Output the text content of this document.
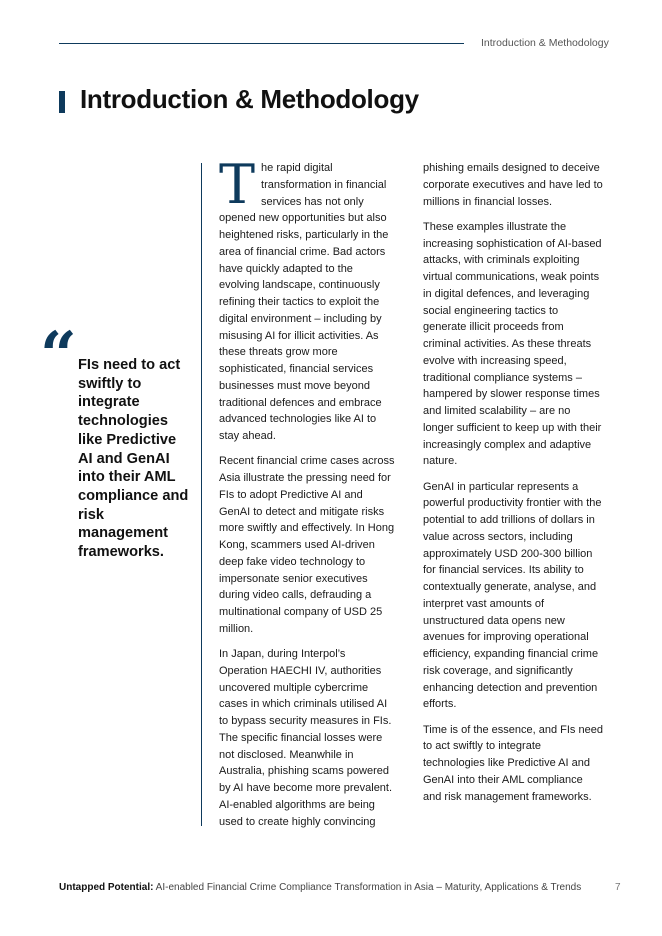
Introduction & Methodology
Introduction & Methodology
“ FIs need to act swiftly to integrate technologies like Predictive AI and GenAI into their AML compliance and risk management frameworks.

The rapid digital transformation in financial services has not only opened new opportunities but also heightened risks, particularly in the area of financial crime. Bad actors have quickly adapted to the evolving landscape, continuously refining their tactics to exploit the digital environment – including by misusing AI for illicit activities. As these threats grow more sophisticated, financial services businesses must move beyond traditional defences and embrace advanced technologies like AI to stay ahead.

Recent financial crime cases across Asia illustrate the pressing need for FIs to adopt Predictive AI and GenAI to detect and mitigate risks more swiftly and effectively. In Hong Kong, scammers used AI-driven deep fake video technology to impersonate senior executives during video calls, defrauding a multinational company of USD 25 million.

In Japan, during Interpol’s Operation HAECHI IV, authorities uncovered multiple cybercrime cases in which criminals utilised AI to bypass security measures in FIs. The specific financial losses were not disclosed. Meanwhile in Australia, phishing scams powered by AI have become more prevalent. AI-enabled algorithms are being used to create highly convincing

phishing emails designed to deceive corporate executives and have led to millions in financial losses.

These examples illustrate the increasing sophistication of AI-based attacks, with criminals exploiting virtual communications, weak points in digital defences, and leveraging social engineering tactics to generate illicit proceeds from criminal activities. As these threats evolve with increasing speed, traditional compliance systems – hampered by slower response times and limited scalability – are no longer sufficient to keep up with their increasingly complex and adaptive nature.

GenAI in particular represents a powerful productivity frontier with the potential to add trillions of dollars in value across sectors, including approximately USD 200-300 billion for financial services. Its ability to contextually generate, analyse, and interpret vast amounts of unstructured data opens new avenues for improving operational efficiency, expanding financial crime risk coverage, and significantly enhancing detection and prevention efforts.

Time is of the essence, and FIs need to act swiftly to integrate technologies like Predictive AI and GenAI into their AML compliance and risk management frameworks.

Untapped Potential: AI-enabled Financial Crime Compliance Transformation in Asia – Maturity, Applications & Trends	7
